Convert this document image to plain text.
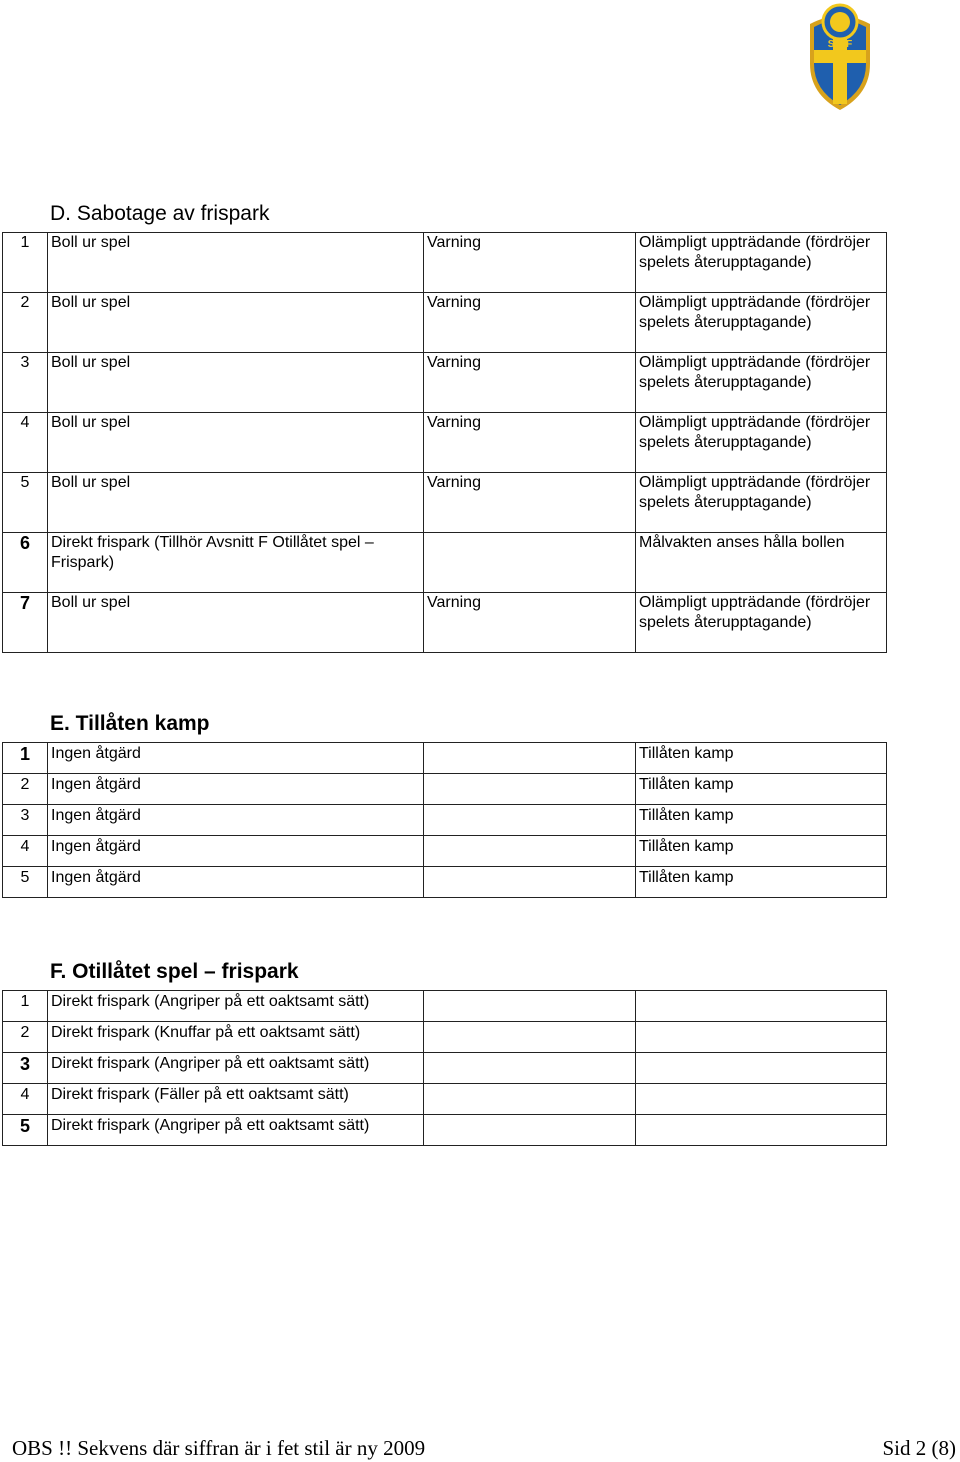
SvFF
D. Sabotage av frispark
1	Boll ur spel	Varning	Olämpligt uppträdande (fördröjer spelets återupptagande)
2	Boll ur spel	Varning	Olämpligt uppträdande (fördröjer spelets återupptagande)
3	Boll ur spel	Varning	Olämpligt uppträdande (fördröjer spelets återupptagande)
4	Boll ur spel	Varning	Olämpligt uppträdande (fördröjer spelets återupptagande)
5	Boll ur spel	Varning	Olämpligt uppträdande (fördröjer spelets återupptagande)
6	Direkt frispark (Tillhör Avsnitt F Otillåtet spel – Frispark)		Målvakten anses hålla bollen
7	Boll ur spel	Varning	Olämpligt uppträdande (fördröjer spelets återupptagande)
E. Tillåten kamp
1	Ingen åtgärd		Tillåten kamp
2	Ingen åtgärd		Tillåten kamp
3	Ingen åtgärd		Tillåten kamp
4	Ingen åtgärd		Tillåten kamp
5	Ingen åtgärd		Tillåten kamp
F. Otillåtet spel – frispark
1	Direkt frispark (Angriper på ett oaktsamt sätt)		
2	Direkt frispark (Knuffar på ett oaktsamt sätt)		
3	Direkt frispark (Angriper på ett oaktsamt sätt)		
4	Direkt frispark (Fäller på ett oaktsamt sätt)		
5	Direkt frispark (Angriper på ett oaktsamt sätt)		
OBS !! Sekvens där siffran är i fet stil är ny 2009	Sid 2 (8)
